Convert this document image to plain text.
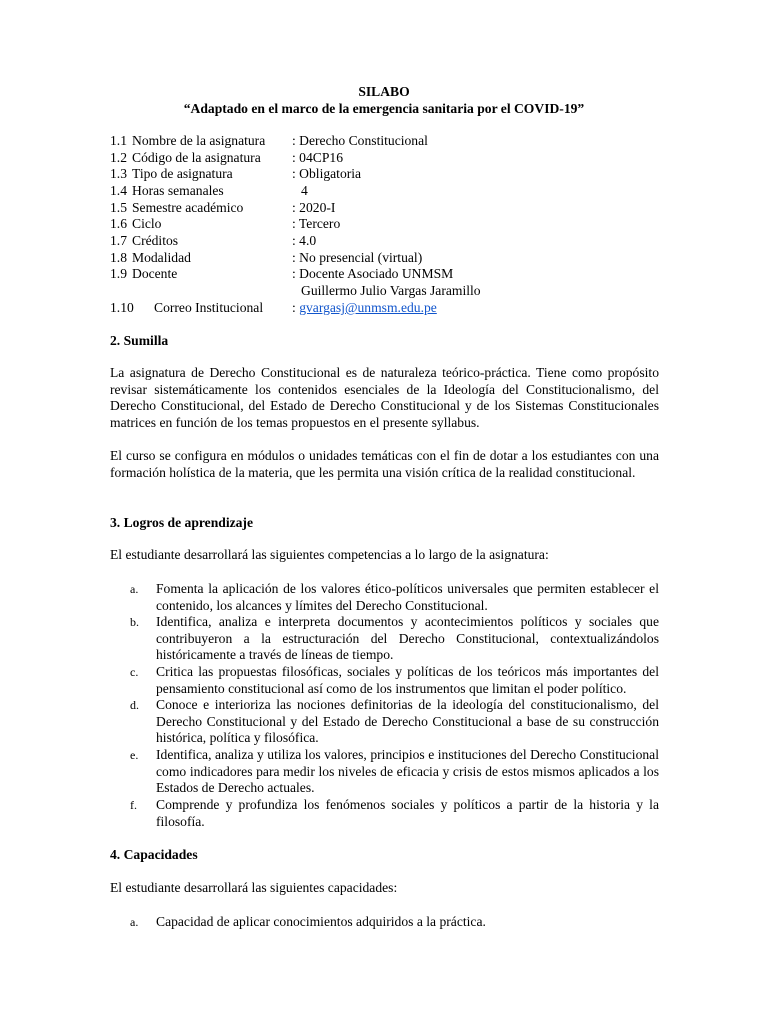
SILABO
“Adaptado en el marco de la emergencia sanitaria por el COVID-19”
1.1 Nombre de la asignatura : Derecho Constitucional
1.2 Código de la asignatura : 04CP16
1.3 Tipo de asignatura	: Obligatoria
1.4 Horas semanales	4
1.5 Semestre académico	: 2020-I
1.6 Ciclo	: Tercero
1.7 Créditos	: 4.0
1.8 Modalidad	: No presencial (virtual)
1.9 Docente	: Docente Asociado UNMSM
Guillermo Julio Vargas Jaramillo
1.10 Correo Institucional : gvargasj@unmsm.edu.pe
2. Sumilla

La asignatura de Derecho Constitucional es de naturaleza teórico-práctica. Tiene como propósito revisar sistemáticamente los contenidos esenciales de la Ideología del Constitucionalismo, del Derecho Constitucional, del Estado de Derecho Constitucional y de los Sistemas Constitucionales matrices en función de los temas propuestos en el presente syllabus.

El curso se configura en módulos o unidades temáticas con el fin de dotar a los estudiantes con una formación holística de la materia, que les permita una visión crítica de la realidad constitucional.

3. Logros de aprendizaje

El estudiante desarrollará las siguientes competencias a lo largo de la asignatura:

a. Fomenta la aplicación de los valores ético-políticos universales que permiten establecer el contenido, los alcances y límites del Derecho Constitucional.
b. Identifica, analiza e interpreta documentos y acontecimientos políticos y sociales que contribuyeron a la estructuración del Derecho Constitucional, contextualizándolos históricamente a través de líneas de tiempo.
c. Critica las propuestas filosóficas, sociales y políticas de los teóricos más importantes del pensamiento constitucional así como de los instrumentos que limitan el poder político.
d. Conoce e interioriza las nociones definitorias de la ideología del constitucionalismo, del Derecho Constitucional y del Estado de Derecho Constitucional a base de su construcción histórica, política y filosófica.
e. Identifica, analiza y utiliza los valores, principios e instituciones del Derecho Constitucional como indicadores para medir los niveles de eficacia y crisis de estos mismos aplicados a los Estados de Derecho actuales.
f. Comprende y profundiza los fenómenos sociales y políticos a partir de la historia y la filosofía.
4. Capacidades

El estudiante desarrollará las siguientes capacidades:

a. Capacidad de aplicar conocimientos adquiridos a la práctica.
